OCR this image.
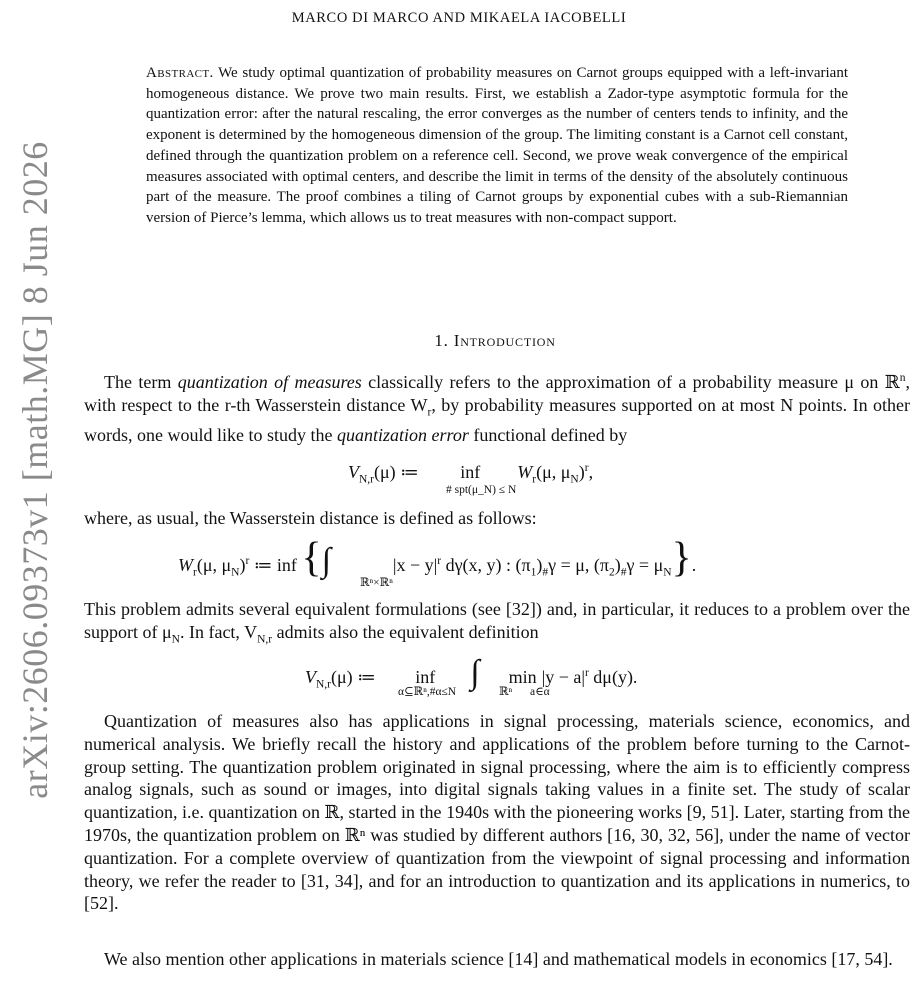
arXiv:2606.09373v1 [math.MG] 8 Jun 2026
MARCO DI MARCO AND MIKAELA IACOBELLI
Abstract. We study optimal quantization of probability measures on Carnot groups equipped with a left-invariant homogeneous distance. We prove two main results. First, we establish a Zador-type asymptotic formula for the quantization error: after the natural rescaling, the error converges as the number of centers tends to infinity, and the exponent is determined by the homogeneous dimension of the group. The limiting constant is a Carnot cell constant, defined through the quantization problem on a reference cell. Second, we prove weak convergence of the empirical measures associated with optimal centers, and describe the limit in terms of the density of the absolutely continuous part of the measure. The proof combines a tiling of Carnot groups by exponential cubes with a sub-Riemannian version of Pierce’s lemma, which allows us to treat measures with non-compact support.
1. Introduction

The term quantization of measures classically refers to the approximation of a probability measure μ on ℝ$^n$, with respect to the r-th Wasserstein distance $W_r$, by probability measures supported on at most N points. In other words, one would like to study the quantization error functional defined by

$V_{N,r}(\mu)$ ≔ inf $W_r(\mu$, $\mu_N)^r$,
# spt(μ_N) ≤ N

where, as usual, the Wasserstein distance is defined as follows:

$W_r(\mu$, $\mu_N)^r$ ≔ inf {∫	$|x - y|^r$ dγ(x, y) : $(\pi_1)_{\#}\gamma = \mu$, $(\pi_2)_{\#}\gamma = \mu_N$}.
ℝⁿ×ℝⁿ

This problem admits several equivalent formulations (see [32]) and, in particular, it reduces to a problem over the support of $\mu_N$. In fact, $V_{N,r}$ admits also the equivalent definition

$V_{N,r}(\mu)$ ≔ inf ∫ $\min |y - a|^r$ dμ(y).
α⊆ℝⁿ,#α≤N	ℝⁿ a∈α

Quantization of measures also has applications in signal processing, materials science, economics, and numerical analysis. We briefly recall the history and applications of the problem before turning to the Carnot-group setting. The quantization problem originated in signal processing, where the aim is to efficiently compress analog signals, such as sound or images, into digital signals taking values in a finite set. The study of scalar quantization, i.e. quantization on ℝ, started in the 1940s with the pioneering works [9, 51]. Later, starting from the 1970s, the quantization problem on ℝⁿ was studied by different authors [16, 30, 32, 56], under the name of vector quantization. For a complete overview of quantization from the viewpoint of signal processing and information theory, we refer the reader to [31, 34], and for an introduction to quantization and its applications in numerics, to [52].

We also mention other applications in materials science [14] and mathematical models in economics [17, 54].
